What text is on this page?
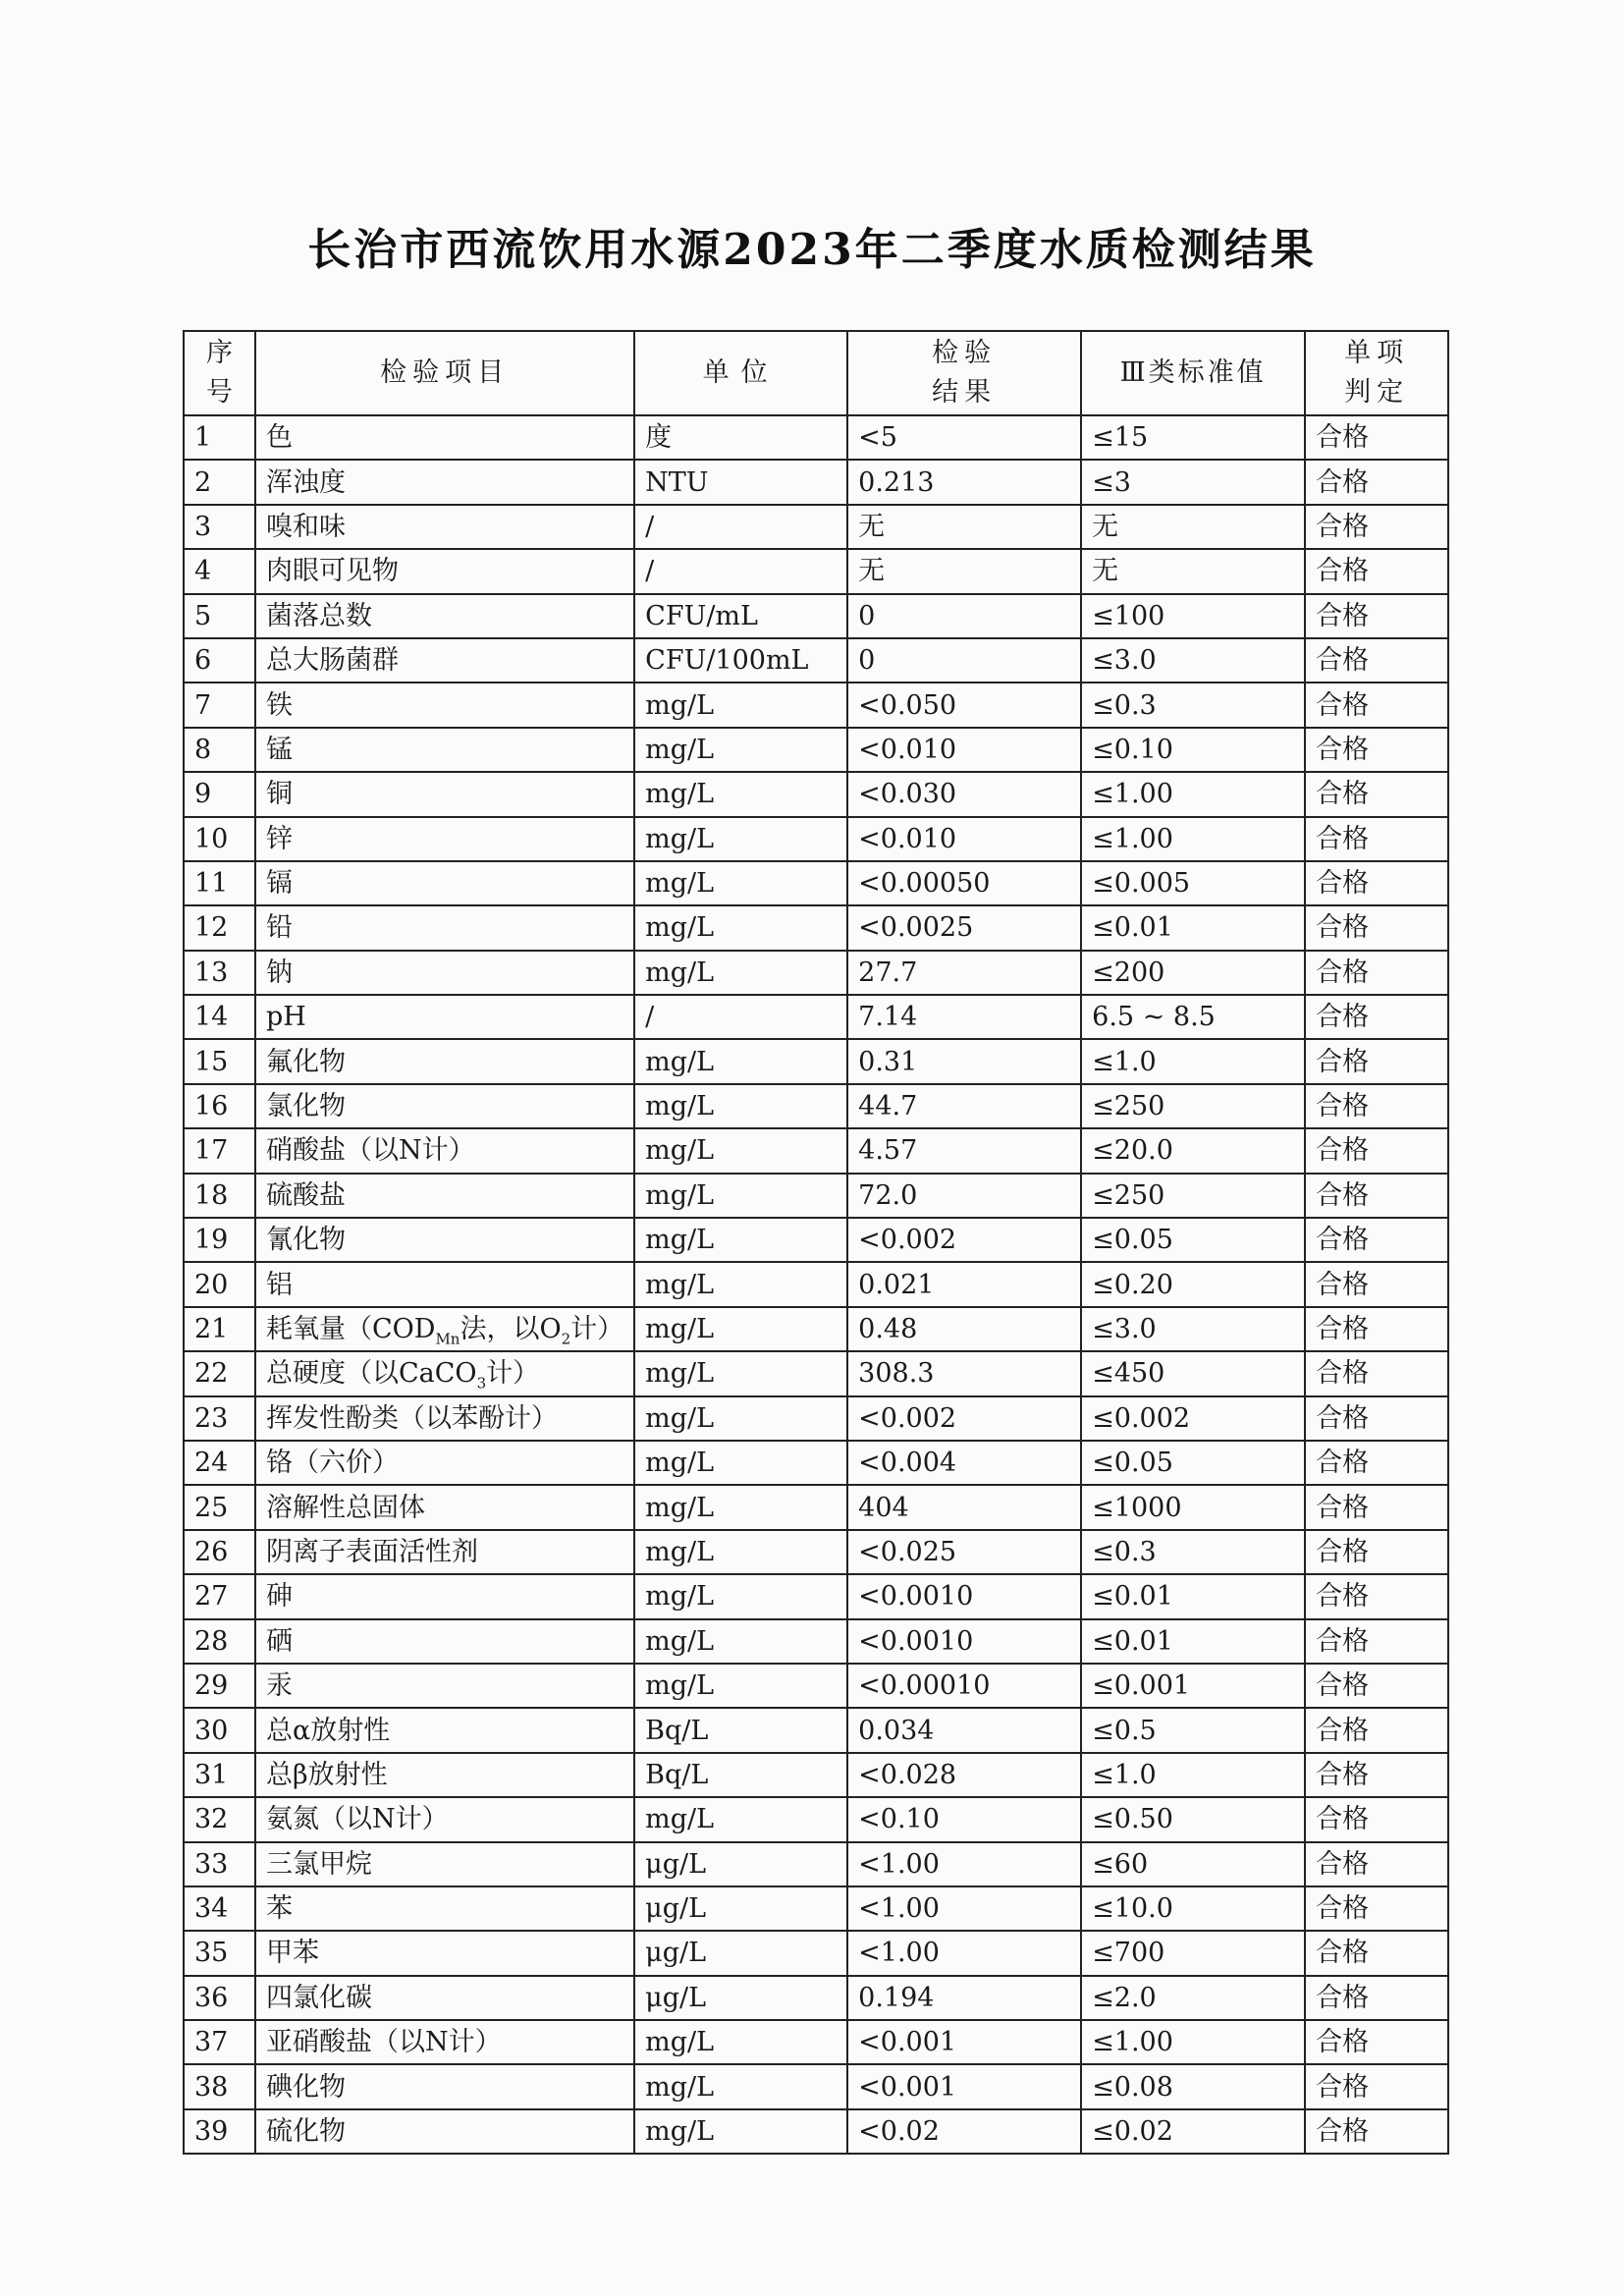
长治市西流饮用水源2023年二季度水质检测结果
序号	检验项目	单位	检验结果	Ⅲ类标准值	单项判定
1	色	度	<5	≤15	合格
2	浑浊度	NTU	0.213	≤3	合格
3	嗅和味	/	无	无	合格
4	肉眼可见物	/	无	无	合格
5	菌落总数	CFU/mL	0	≤100	合格
6	总大肠菌群	CFU/100mL	0	≤3.0	合格
7	铁	mg/L	<0.050	≤0.3	合格
8	锰	mg/L	<0.010	≤0.10	合格
9	铜	mg/L	<0.030	≤1.00	合格
10	锌	mg/L	<0.010	≤1.00	合格
11	镉	mg/L	<0.00050	≤0.005	合格
12	铅	mg/L	<0.0025	≤0.01	合格
13	钠	mg/L	27.7	≤200	合格
14	pH	/	7.14	6.5 ~ 8.5	合格
15	氟化物	mg/L	0.31	≤1.0	合格
16	氯化物	mg/L	44.7	≤250	合格
17	硝酸盐（以N计）	mg/L	4.57	≤20.0	合格
18	硫酸盐	mg/L	72.0	≤250	合格
19	氰化物	mg/L	<0.002	≤0.05	合格
20	铝	mg/L	0.021	≤0.20	合格
21	耗氧量（$COD_{Mn}$法，以$O_2$计）	mg/L	0.48	≤3.0	合格
22	总硬度（以CaCO$_3$计）	mg/L	308.3	≤450	合格
23	挥发性酚类（以苯酚计）	mg/L	<0.002	≤0.002	合格
24	铬（六价）	mg/L	<0.004	≤0.05	合格
25	溶解性总固体	mg/L	404	≤1000	合格
26	阴离子表面活性剂	mg/L	<0.025	≤0.3	合格
27	砷	mg/L	<0.0010	≤0.01	合格
28	硒	mg/L	<0.0010	≤0.01	合格
29	汞	mg/L	<0.00010	≤0.001	合格
30	总α放射性	Bq/L	0.034	≤0.5	合格
31	总β放射性	Bq/L	<0.028	≤1.0	合格
32	氨氮（以N计）	mg/L	<0.10	≤0.50	合格
33	三氯甲烷	μg/L	<1.00	≤60	合格
34	苯	μg/L	<1.00	≤10.0	合格
35	甲苯	μg/L	<1.00	≤700	合格
36	四氯化碳	μg/L	0.194	≤2.0	合格
37	亚硝酸盐（以N计）	mg/L	<0.001	≤1.00	合格
38	碘化物	mg/L	<0.001	≤0.08	合格
39	硫化物	mg/L	<0.02	≤0.02	合格
